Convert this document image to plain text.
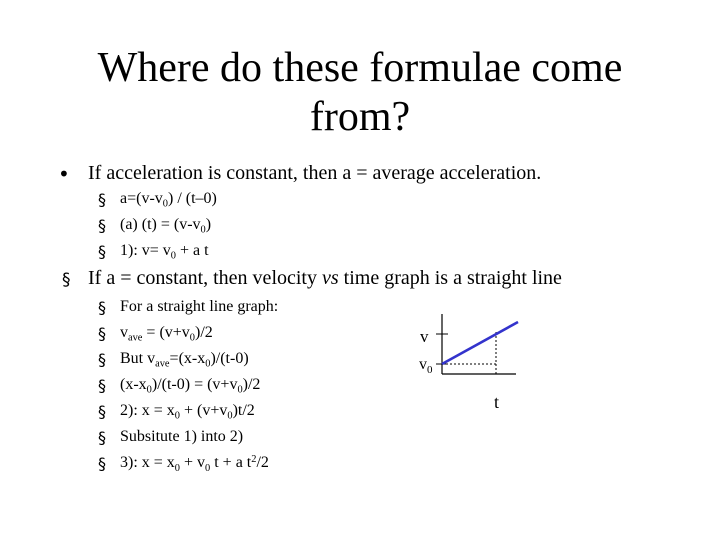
Where do these formulae come
from?
• If acceleration is constant, then a = average acceleration.
§ $a=(v-v_0) / (t-0)$
§ (a) $(t) = (v-v_0)$
§ 1): $v= v_0 + a$ t
§ If a = constant, then velocity vs time graph is a straight line
§ For a straight line graph:
§ $v_{ave} = (v+v_0)/2$
§ But $v_{ave}=(x-x_0)/(t-0)$
§ $(x-x_0)/(t-0) = (v+v_0)/2$
§ 2): $x = x_0 + (v+v_0)t/2$
§ Subsitute 1) into 2)
§ 3): $x = x_0 + v_0$ t + a $t^2/2$
v
$v_0$
t
